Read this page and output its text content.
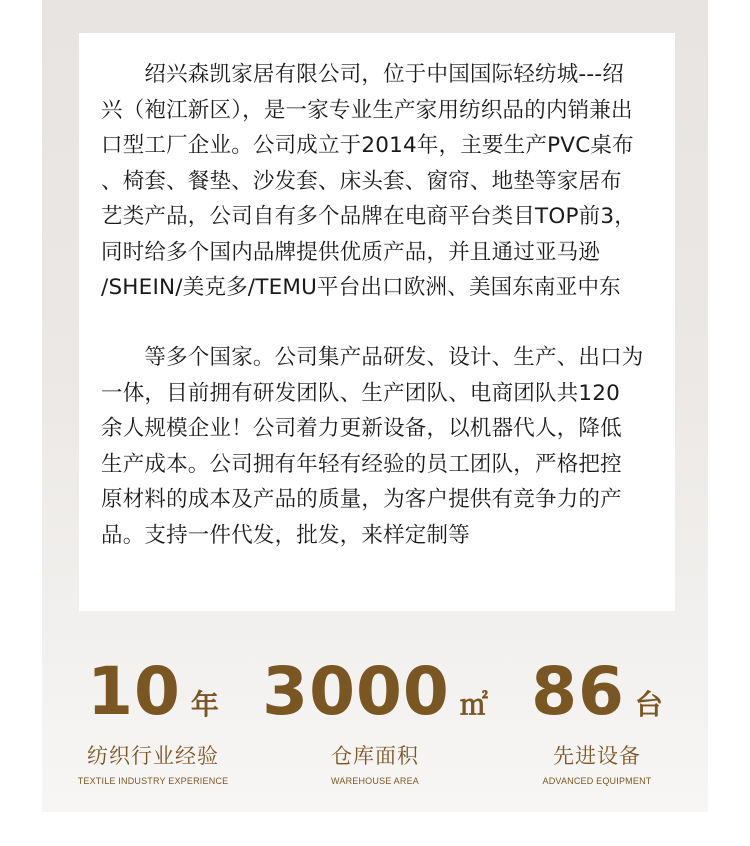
　　绍兴森凯家居有限公司，位于中国国际轻纺城---绍
兴（袍江新区），是一家专业生产家用纺织品的内销兼出
口型工厂企业。公司成立于2014年，主要生产PVC桌布
、椅套、餐垫、沙发套、床头套、窗帘、地垫等家居布
艺类产品，公司自有多个品牌在电商平台类目TOP前3，
同时给多个国内品牌提供优质产品，并且通过亚马逊
/SHEIN/美克多/TEMU平台出口欧洲、美国东南亚中东
　　等多个国家。公司集产品研发、设计、生产、出口为
一体，目前拥有研发团队、生产团队、电商团队共120
余人规模企业！公司着力更新设备，以机器代人，降低
生产成本。公司拥有年轻有经验的员工团队，严格把控
原材料的成本及产品的质量，为客户提供有竞争力的产
品。支持一件代发，批发，来样定制等
10 年
纺织行业经验
TEXTILE INDUSTRY EXPERIENCE
3000 ㎡
仓库面积
WAREHOUSE AREA
86 台
先进设备
ADVANCED EQUIPMENT
